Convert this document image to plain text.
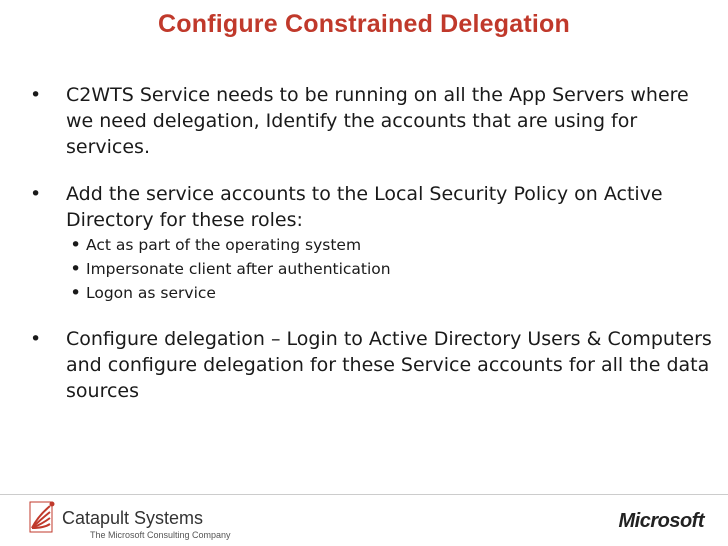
Configure Constrained Delegation
• C2WTS Service needs to be running on all the App Servers where we need delegation, Identify the accounts that are using for services.
• Add the service accounts to the Local Security Policy on Active Directory for these roles:
• Act as part of the operating system
• Impersonate client after authentication
• Logon as service
• Configure delegation – Login to Active Directory Users & Computers and configure delegation for these Service accounts for all the data sources
Catapult Systems
The Microsoft Consulting Company
Microsoft
